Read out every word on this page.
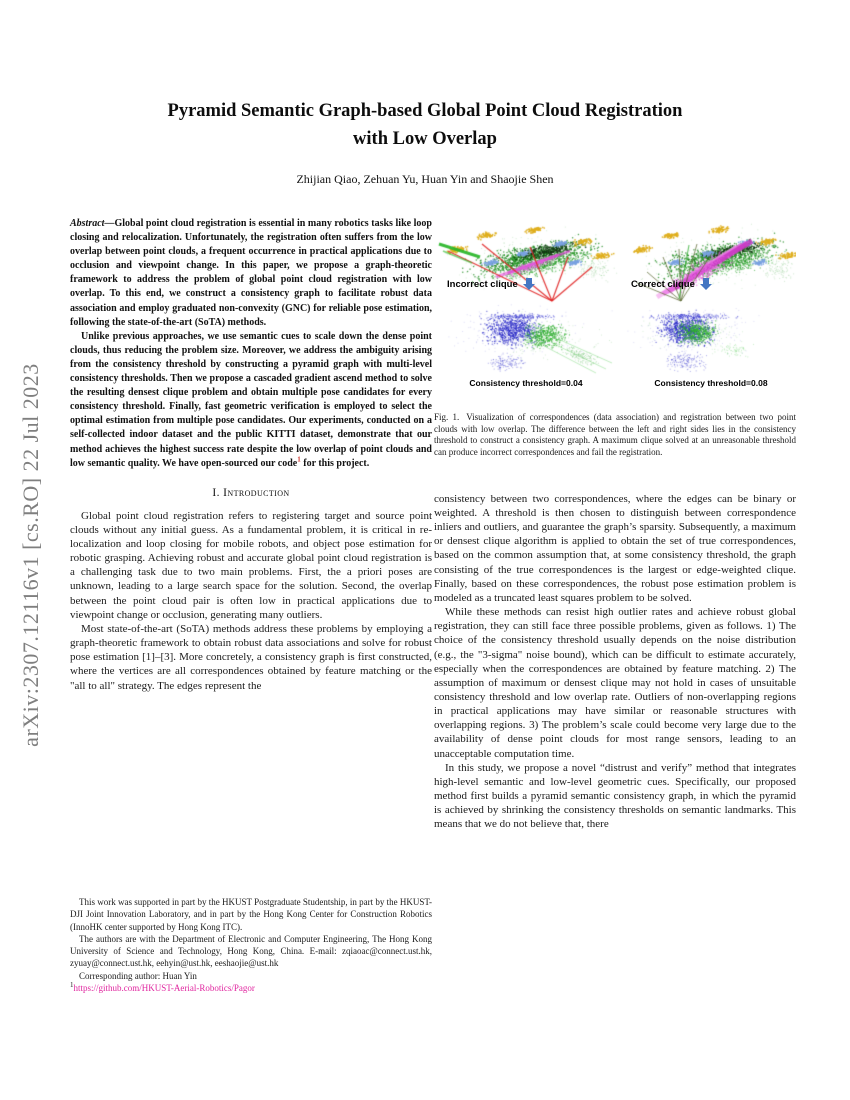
arXiv:2307.12116v1 [cs.RO] 22 Jul 2023
Pyramid Semantic Graph-based Global Point Cloud Registration
with Low Overlap
Zhijian Qiao, Zehuan Yu, Huan Yin and Shaojie Shen

Abstract—Global point cloud registration is essential in many robotics tasks like loop closing and relocalization. Unfortunately, the registration often suffers from the low overlap between point clouds, a frequent occurrence in practical applications due to occlusion and viewpoint change. In this paper, we propose a graph-theoretic framework to address the problem of global point cloud registration with low overlap. To this end, we construct a consistency graph to facilitate robust data association and employ graduated non-convexity (GNC) for reliable pose estimation, following the state-of-the-art (SoTA) methods.

Unlike previous approaches, we use semantic cues to scale down the dense point clouds, thus reducing the problem size. Moreover, we address the ambiguity arising from the consistency threshold by constructing a pyramid graph with multi-level consistency thresholds. Then we propose a cascaded gradient ascend method to solve the resulting densest clique problem and obtain multiple pose candidates for every consistency threshold. Finally, fast geometric verification is employed to select the optimal estimation from multiple pose candidates. Our experiments, conducted on a self-collected indoor dataset and the public KITTI dataset, demonstrate that our method achieves the highest success rate despite the low overlap of point clouds and low semantic quality. We have open-sourced our code$^1$ for this project.

I. Introduction

Global point cloud registration refers to registering target and source point clouds without any initial guess. As a fundamental problem, it is critical in re-localization and loop closing for mobile robots, and object pose estimation for robotic grasping. Achieving robust and accurate global point cloud registration is a challenging task due to two main problems. First, the a priori poses are unknown, leading to a large search space for the solution. Second, the overlap between the point cloud pair is often low in practical applications due to viewpoint change or occlusion, generating many outliers.

Most state-of-the-art (SoTA) methods address these problems by employing a graph-theoretic framework to obtain robust data associations and solve for robust pose estimation [1]–[3]. More concretely, a consistency graph is first constructed, where the vertices are all correspondences obtained by feature matching or the "all to all" strategy. The edges represent the

This work was supported in part by the HKUST Postgraduate Studentship, in part by the HKUST-DJI Joint Innovation Laboratory, and in part by the Hong Kong Center for Construction Robotics (InnoHK center supported by Hong Kong ITC).

The authors are with the Department of Electronic and Computer Engineering, The Hong Kong University of Science and Technology, Hong Kong, China. E-mail: zqiaoac@connect.ust.hk, zyuay@connect.ust.hk, eehyin@ust.hk, eeshaojie@ust.hk

Corresponding author: Huan Yin

$^1$https://github.com/HKUST-Aerial-Robotics/Pagor

Incorrect clique	Correct clique
Consistency threshold=0.04	Consistency threshold=0.08

Fig. 1. Visualization of correspondences (data association) and registration between two point clouds with low overlap. The difference between the left and right sides lies in the consistency threshold to construct a consistency graph. A maximum clique solved at an unreasonable threshold can produce incorrect correspondences and fail the registration.

consistency between two correspondences, where the edges can be binary or weighted. A threshold is then chosen to distinguish between correspondence inliers and outliers, and guarantee the graph’s sparsity. Subsequently, a maximum or densest clique algorithm is applied to obtain the set of true correspondences, based on the common assumption that, at some consistency threshold, the graph consisting of the true correspondences is the largest or edge-weighted clique. Finally, based on these correspondences, the robust pose estimation problem is modeled as a truncated least squares problem to be solved.

While these methods can resist high outlier rates and achieve robust global registration, they can still face three possible problems, given as follows. 1) The choice of the consistency threshold usually depends on the noise distribution (e.g., the "3-sigma" noise bound), which can be difficult to estimate accurately, especially when the correspondences are obtained by feature matching. 2) The assumption of maximum or densest clique may not hold in cases of unsuitable consistency threshold and low overlap rate. Outliers of non-overlapping regions in practical applications may have similar or reasonable structures with overlapping regions. 3) The problem’s scale could become very large due to the availability of dense point clouds for most range sensors, leading to an unacceptable computation time.

In this study, we propose a novel “distrust and verify” method that integrates high-level semantic and low-level geometric cues. Specifically, our proposed method first builds a pyramid semantic consistency graph, in which the pyramid is achieved by shrinking the consistency thresholds on semantic landmarks. This means that we do not believe that, there
